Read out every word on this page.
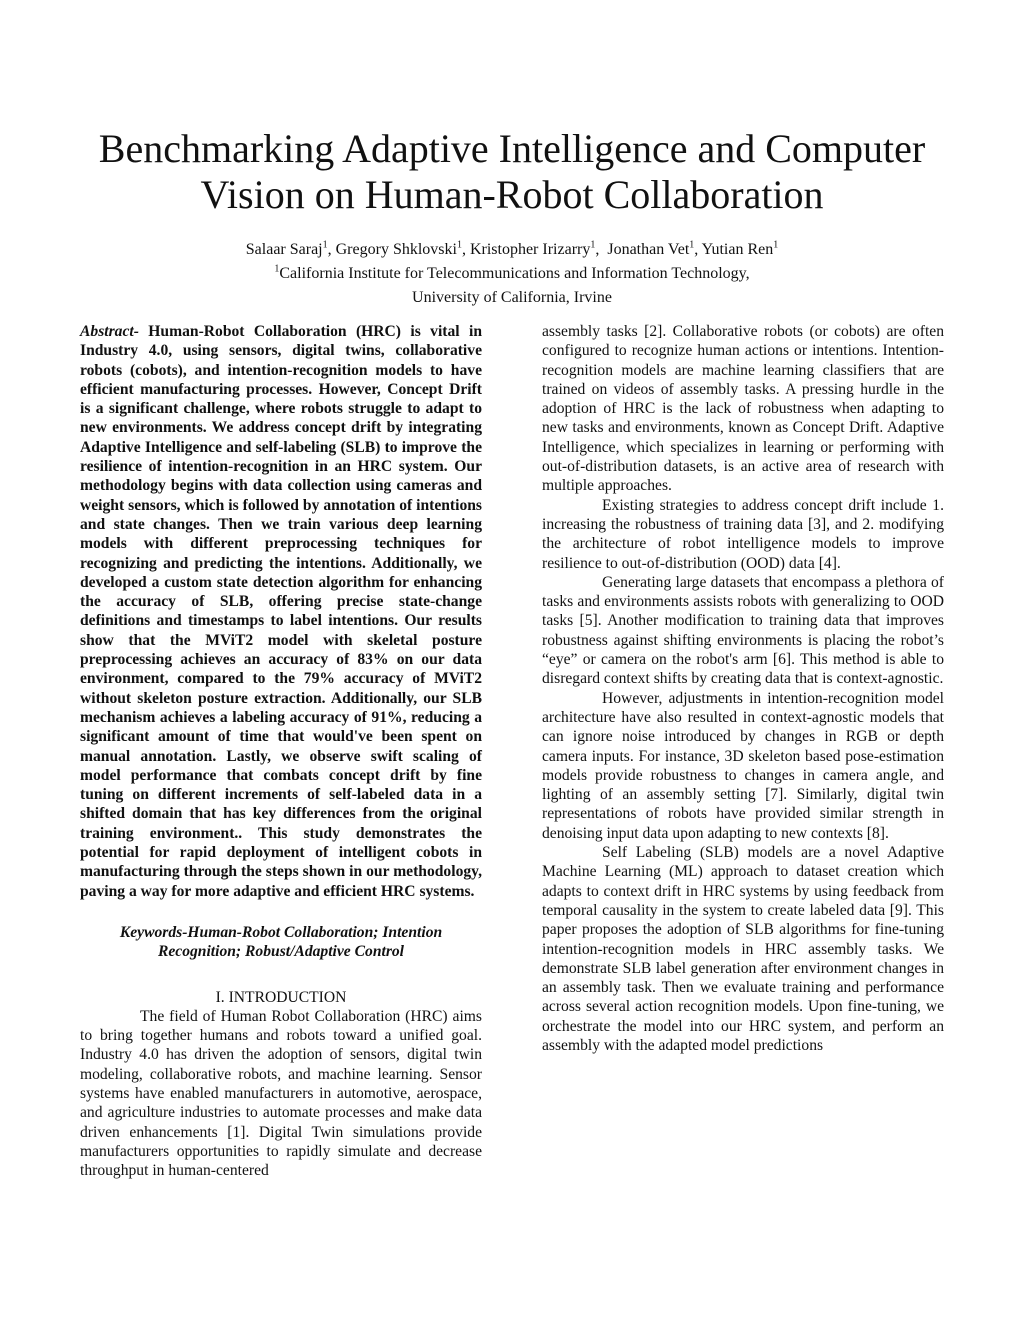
Benchmarking Adaptive Intelligence and Computer
Vision on Human-Robot Collaboration

Salaar Saraj$^1$, Gregory Shklovski$^1$, Kristopher Irizarry$^1$,  Jonathan Vet$^1$, Yutian Ren$^1$

$^1$California Institute for Telecommunications and Information Technology,

University of California, Irvine

Abstract- Human-Robot Collaboration (HRC) is vital in Industry 4.0, using sensors, digital twins, collaborative robots (cobots), and intention-recognition models to have efficient manufacturing processes. However, Concept Drift is a significant challenge, where robots struggle to adapt to new environments. We address concept drift by integrating Adaptive Intelligence and self-labeling (SLB) to improve the resilience of intention-recognition in an HRC system. Our methodology begins with data collection using cameras and weight sensors, which is followed by annotation of intentions and state changes. Then we train various deep learning models with different preprocessing techniques for recognizing and predicting the intentions. Additionally, we developed a custom state detection algorithm for enhancing the accuracy of SLB, offering precise state-change definitions and timestamps to label intentions. Our results show that the MViT2 model with skeletal posture preprocessing achieves an accuracy of 83% on our data environment, compared to the 79% accuracy of MViT2 without skeleton posture extraction. Additionally, our SLB mechanism achieves a labeling accuracy of 91%, reducing a significant amount of time that would've been spent on manual annotation. Lastly, we observe swift scaling of model performance that combats concept drift by fine tuning on different increments of self-labeled data in a shifted domain that has key differences from the original training environment.. This study demonstrates the potential for rapid deployment of intelligent cobots in manufacturing through the steps shown in our methodology, paving a way for more adaptive and efficient HRC systems.

Keywords-Human-Robot Collaboration; Intention Recognition; Robust/Adaptive Control

I. INTRODUCTION

The field of Human Robot Collaboration (HRC) aims to bring together humans and robots toward a unified goal. Industry 4.0 has driven the adoption of sensors, digital twin modeling, collaborative robots, and machine learning. Sensor systems have enabled manufacturers in automotive, aerospace, and agriculture industries to automate processes and make data driven enhancements [1]. Digital Twin simulations provide manufacturers opportunities to rapidly simulate and decrease throughput in human-centered

assembly tasks [2]. Collaborative robots (or cobots) are often configured to recognize human actions or intentions. Intention-recognition models are machine learning classifiers that are trained on videos of assembly tasks. A pressing hurdle in the adoption of HRC is the lack of robustness when adapting to new tasks and environments, known as Concept Drift. Adaptive Intelligence, which specializes in learning or performing with out-of-distribution datasets, is an active area of research with multiple approaches.

Existing strategies to address concept drift include 1. increasing the robustness of training data [3], and 2. modifying the architecture of robot intelligence models to improve resilience to out-of-distribution (OOD) data [4].

Generating large datasets that encompass a plethora of tasks and environments assists robots with generalizing to OOD tasks [5]. Another modification to training data that improves robustness against shifting environments is placing the robot’s “eye” or camera on the robot's arm [6]. This method is able to disregard context shifts by creating data that is context-agnostic.

However, adjustments in intention-recognition model architecture have also resulted in context-agnostic models that can ignore noise introduced by changes in RGB or depth camera inputs. For instance, 3D skeleton based pose-estimation models provide robustness to changes in camera angle, and lighting of an assembly setting [7]. Similarly, digital twin representations of robots have provided similar strength in denoising input data upon adapting to new contexts [8].

Self Labeling (SLB) models are a novel Adaptive Machine Learning (ML) approach to dataset creation which adapts to context drift in HRC systems by using feedback from temporal causality in the system to create labeled data [9]. This paper proposes the adoption of SLB algorithms for fine-tuning intention-recognition models in HRC assembly tasks. We demonstrate SLB label generation after environment changes in an assembly task. Then we evaluate training and performance across several action recognition models. Upon fine-tuning, we orchestrate the model into our HRC system, and perform an assembly with the adapted model predictions
